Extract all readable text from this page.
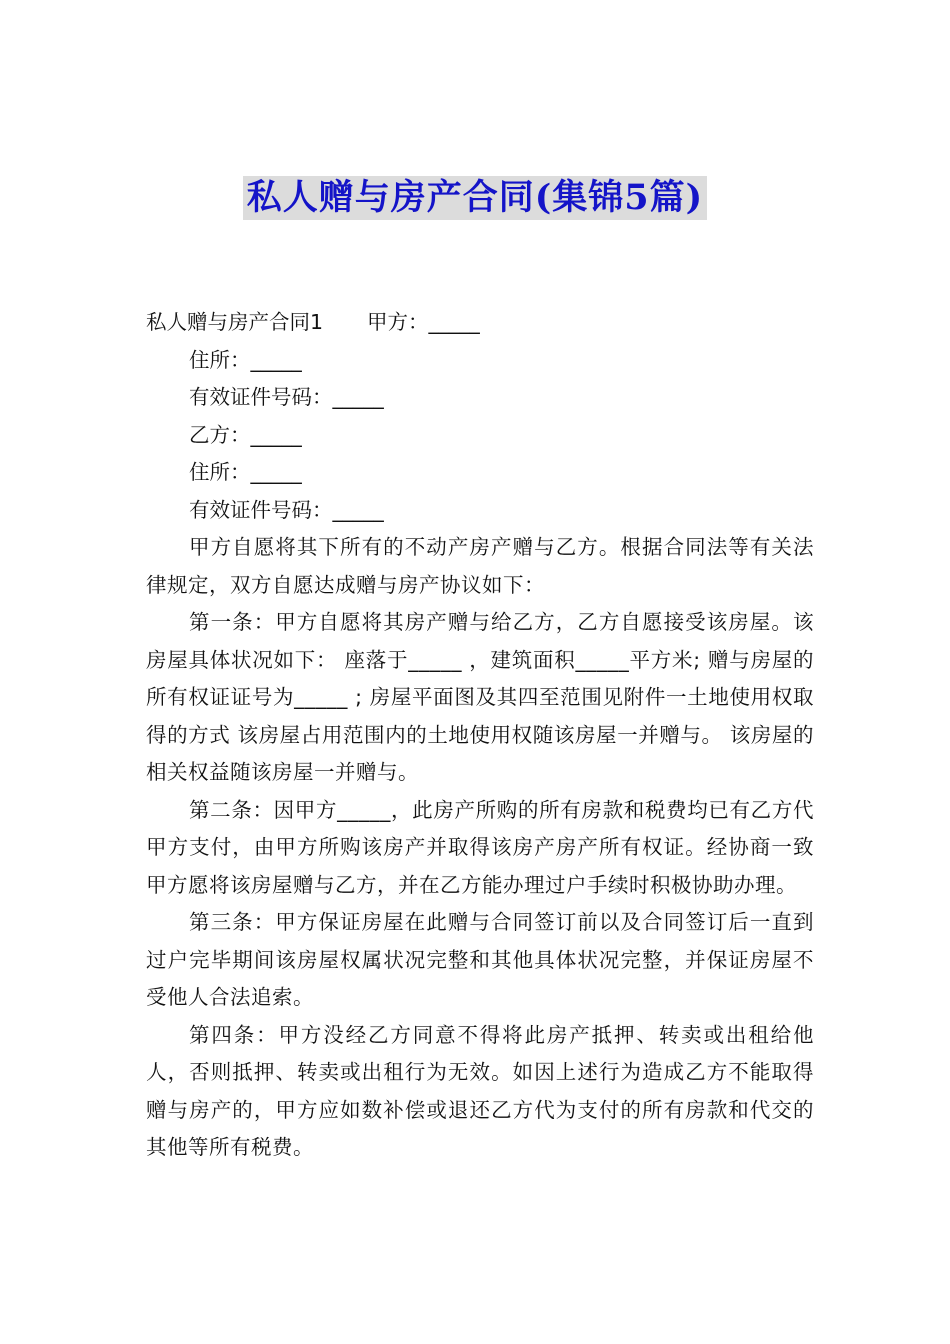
私人赠与房产合同(集锦5篇)

私人赠与房产合同1 甲方：_____

住所：_____

有效证件号码：_____

乙方：_____

住所：_____

有效证件号码：_____

甲方自愿将其下所有的不动产房产赠与乙方。根据合同法等有关法律规定，双方自愿达成赠与房产协议如下：

第一条：甲方自愿将其房产赠与给乙方，乙方自愿接受该房屋。该房屋具体状况如下： 座落于_____ ，建筑面积_____平方米; 赠与房屋的所有权证证号为_____ ; 房屋平面图及其四至范围见附件一土地使用权取得的方式 该房屋占用范围内的土地使用权随该房屋一并赠与。 该房屋的相关权益随该房屋一并赠与。

第二条：因甲方_____，此房产所购的所有房款和税费均已有乙方代甲方支付，由甲方所购该房产并取得该房产房产所有权证。经协商一致甲方愿将该房屋赠与乙方，并在乙方能办理过户手续时积极协助办理。

第三条：甲方保证房屋在此赠与合同签订前以及合同签订后一直到过户完毕期间该房屋权属状况完整和其他具体状况完整，并保证房屋不受他人合法追索。

第四条：甲方没经乙方同意不得将此房产抵押、转卖或出租给他人，否则抵押、转卖或出租行为无效。如因上述行为造成乙方不能取得赠与房产的，甲方应如数补偿或退还乙方代为支付的所有房款和代交的其他等所有税费。
